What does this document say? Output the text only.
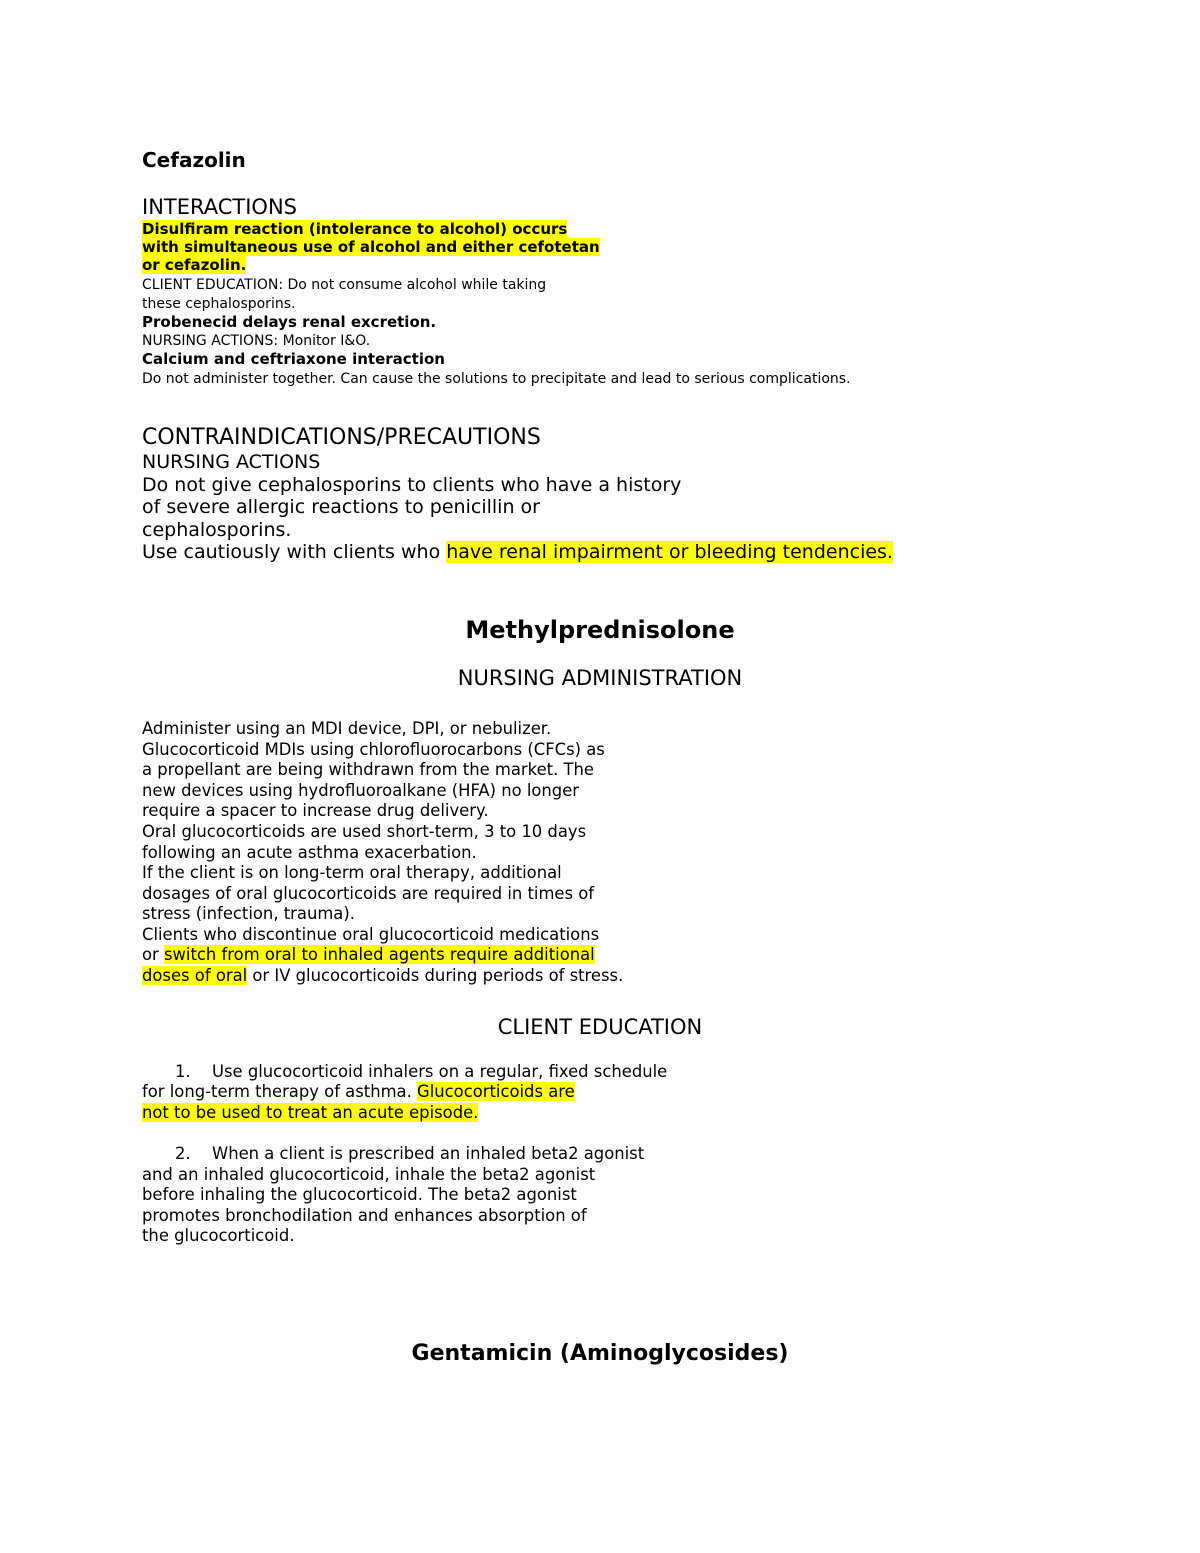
Cefazolin
INTERACTIONS
Disulfiram reaction (intolerance to alcohol) occurs
with simultaneous use of alcohol and either cefotetan
or cefazolin.
CLIENT EDUCATION: Do not consume alcohol while taking
these cephalosporins.
Probenecid delays renal excretion.
NURSING ACTIONS: Monitor I&O.
Calcium and ceftriaxone interaction
Do not administer together. Can cause the solutions to precipitate and lead to serious complications.
CONTRAINDICATIONS/PRECAUTIONS
NURSING ACTIONS
Do not give cephalosporins to clients who have a history
of severe allergic reactions to penicillin or
cephalosporins.
Use cautiously with clients who have renal impairment or bleeding tendencies.
Methylprednisolone
NURSING ADMINISTRATION
Administer using an MDI device, DPI, or nebulizer.
Glucocorticoid MDIs using chlorofluorocarbons (CFCs) as
a propellant are being withdrawn from the market. The
new devices using hydrofluoroalkane (HFA) no longer
require a spacer to increase drug delivery.
Oral glucocorticoids are used short-term, 3 to 10 days
following an acute asthma exacerbation.
If the client is on long-term oral therapy, additional
dosages of oral glucocorticoids are required in times of
stress (infection, trauma).
Clients who discontinue oral glucocorticoid medications
or switch from oral to inhaled agents require additional
doses of oral or IV glucocorticoids during periods of stress.
CLIENT EDUCATION
1. Use glucocorticoid inhalers on a regular, fixed schedule
for long-term therapy of asthma. Glucocorticoids are
not to be used to treat an acute episode.
2. When a client is prescribed an inhaled beta2 agonist
and an inhaled glucocorticoid, inhale the beta2 agonist
before inhaling the glucocorticoid. The beta2 agonist
promotes bronchodilation and enhances absorption of
the glucocorticoid.
Gentamicin (Aminoglycosides)
